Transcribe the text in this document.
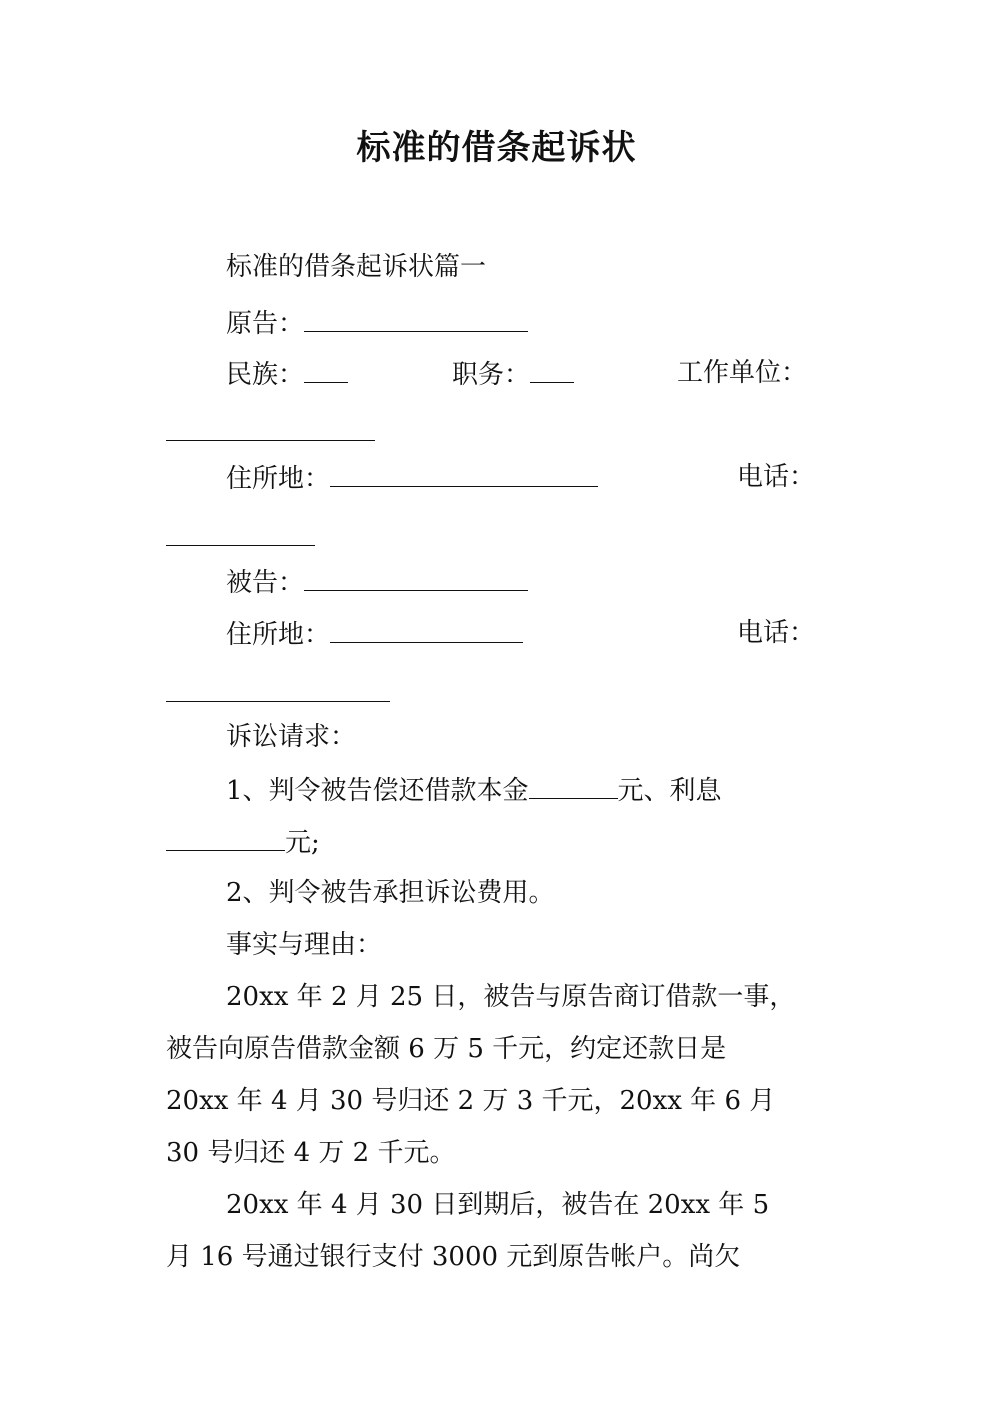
标准的借条起诉状
标准的借条起诉状篇一
原告：
民族：	职务：	工作单位：
住所地：	电话：
被告：
住所地：	电话：
诉讼请求：
1、判令被告偿还借款本金	元、利息
元;
2、判令被告承担诉讼费用。
事实与理由：
20xx 年 2 月 25 日，被告与原告商订借款一事，
被告向原告借款金额 6 万 5 千元，约定还款日是
20xx 年 4 月 30 号归还 2 万 3 千元，20xx 年 6 月
30 号归还 4 万 2 千元。
20xx 年 4 月 30 日到期后，被告在 20xx 年 5
月 16 号通过银行支付 3000 元到原告帐户。尚欠
